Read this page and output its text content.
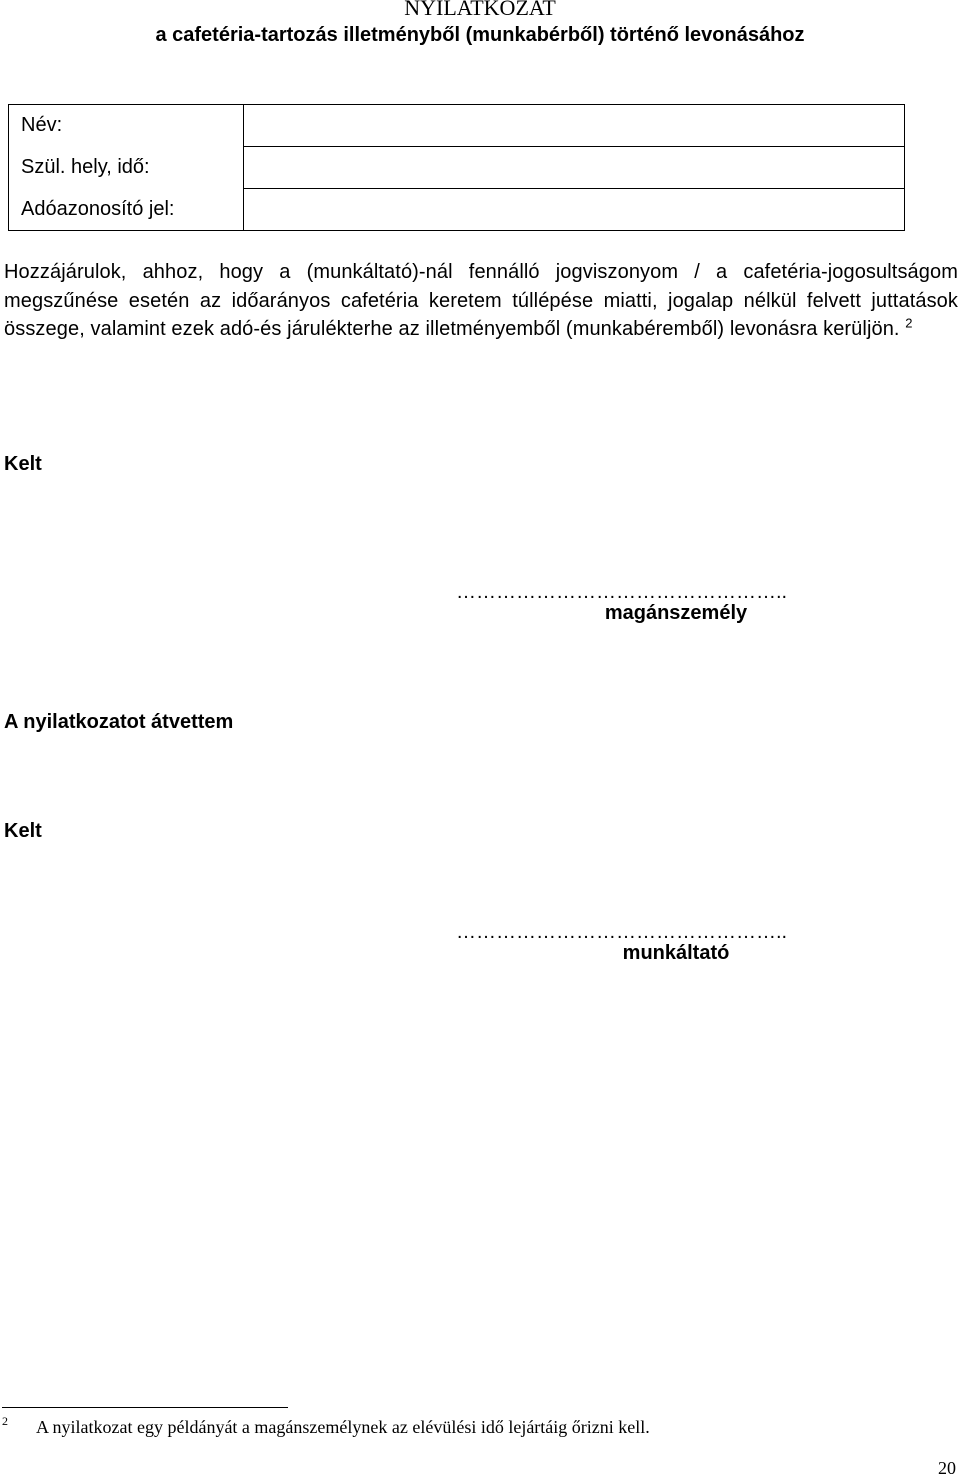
NYILATKOZAT
a cafetéria-tartozás illetményből (munkabérből) történő levonásához
Név:	
Szül. hely, idő:	
Adóazonosító jel:	
Hozzájárulok, ahhoz, hogy a (munkáltató)-nál fennálló jogviszonyom / a cafetéria-jogosultságom megszűnése esetén az időarányos cafetéria keretem túllépése miatti, jogalap nélkül felvett juttatások összege, valamint ezek adó-és járulékterhe az illetményemből (munkabéremből) levonásra kerüljön. $^2$
Kelt
…………………………………………..
magánszemély
A nyilatkozatot átvettem
Kelt
…………………………………………..
munkáltató
2 A nyilatkozat egy példányát a magánszemélynek az elévülési idő lejártáig őrizni kell.
20
